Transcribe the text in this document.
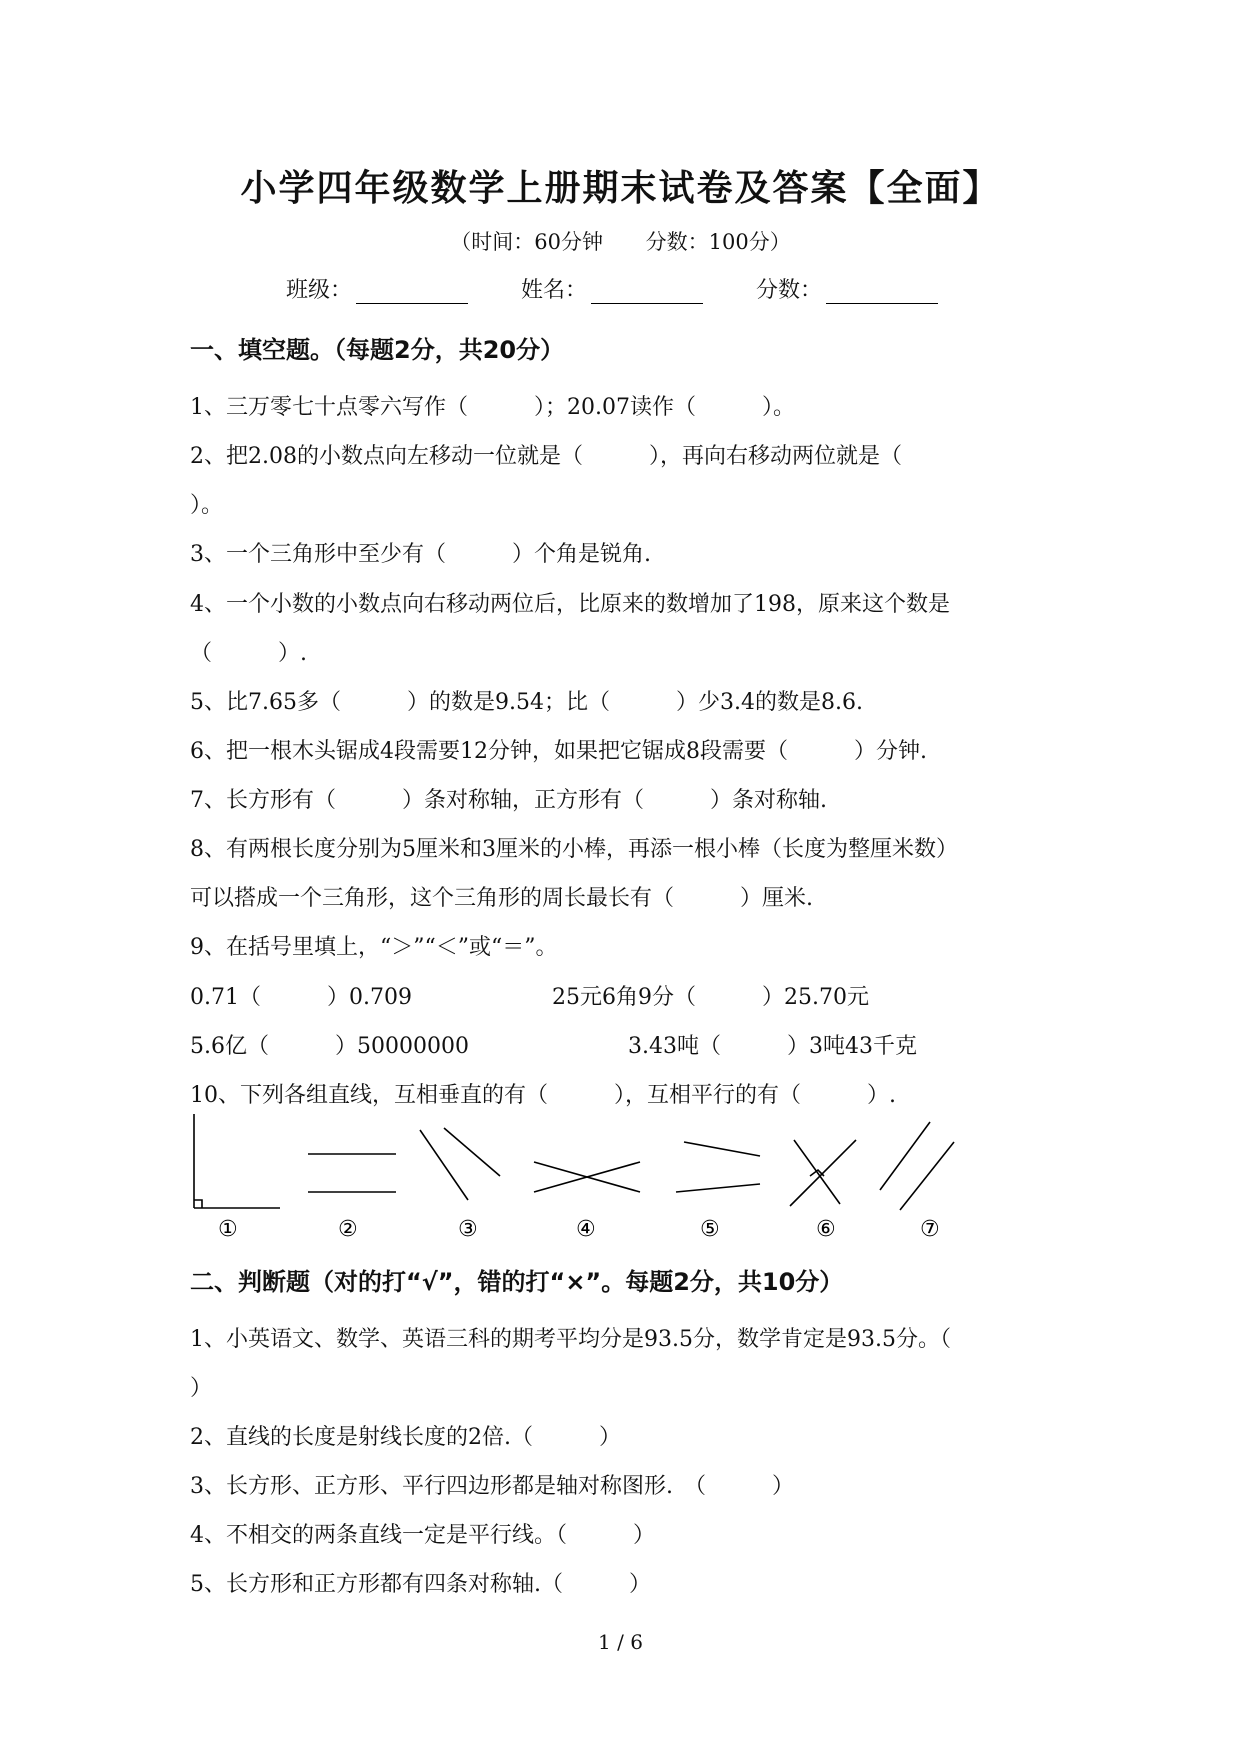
小学四年级数学上册期末试卷及答案【全面】
（时间：60分钟 分数：100分）
班级：	姓名：	分数：
一、填空题。（每题2分，共20分）
1、三万零七十点零六写作（　　　）；20.07读作（　　　）。
2、把2.08的小数点向左移动一位就是（　　　），再向右移动两位就是（
）。
3、一个三角形中至少有（　　　）个角是锐角.
4、一个小数的小数点向右移动两位后，比原来的数增加了198，原来这个数是
（　　　）.
5、比7.65多（　　　）的数是9.54；比（　　　）少3.4的数是8.6.
6、把一根木头锯成4段需要12分钟，如果把它锯成8段需要（　　　）分钟.
7、长方形有（　　　）条对称轴，正方形有（　　　）条对称轴.
8、有两根长度分别为5厘米和3厘米的小棒，再添一根小棒（长度为整厘米数）
可以搭成一个三角形，这个三角形的周长最长有（　　　）厘米.
9、在括号里填上，“＞”“＜”或“＝”。
0.71（　　　）0.709	25元6角9分（　　　）25.70元
5.6亿（　　　）50000000	3.43吨（　　　）3吨43千克
10、下列各组直线，互相垂直的有（　　　），互相平行的有（　　　）.
①	②	③	④	⑤	⑥	⑦
二、判断题（对的打“√”，错的打“×”。每题2分，共10分）
1、小英语文、数学、英语三科的期考平均分是93.5分，数学肯定是93.5分。（
）
2、直线的长度是射线长度的2倍.（　　　）
3、长方形、正方形、平行四边形都是轴对称图形.　（　　　）
4、不相交的两条直线一定是平行线。（　　　）
5、长方形和正方形都有四条对称轴.（　　　）
1 / 6
